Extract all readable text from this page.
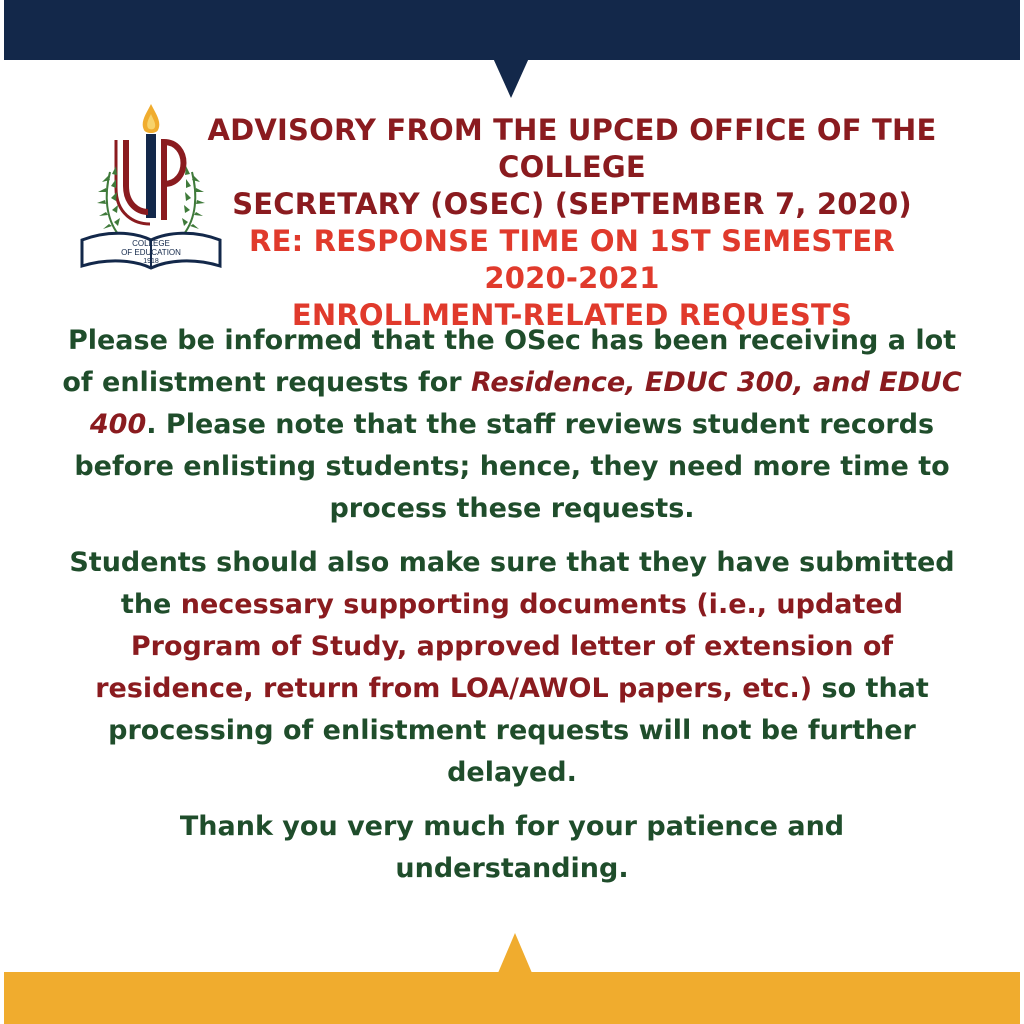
COLLEGE
OF EDUCATION
1918
ADVISORY FROM THE UPCED OFFICE OF THE COLLEGE
SECRETARY (OSEC) (SEPTEMBER 7, 2020)
RE: RESPONSE TIME ON 1ST SEMESTER 2020-2021
ENROLLMENT-RELATED REQUESTS

Please be informed that the OSec has been receiving a lot of enlistment requests for Residence, EDUC 300, and EDUC 400. Please note that the staff reviews student records before enlisting students; hence, they need more time to process these requests.

Students should also make sure that they have submitted the necessary supporting documents (i.e., updated Program of Study, approved letter of extension of residence, return from LOA/AWOL papers, etc.) so that processing of enlistment requests will not be further delayed.

Thank you very much for your patience and understanding.
